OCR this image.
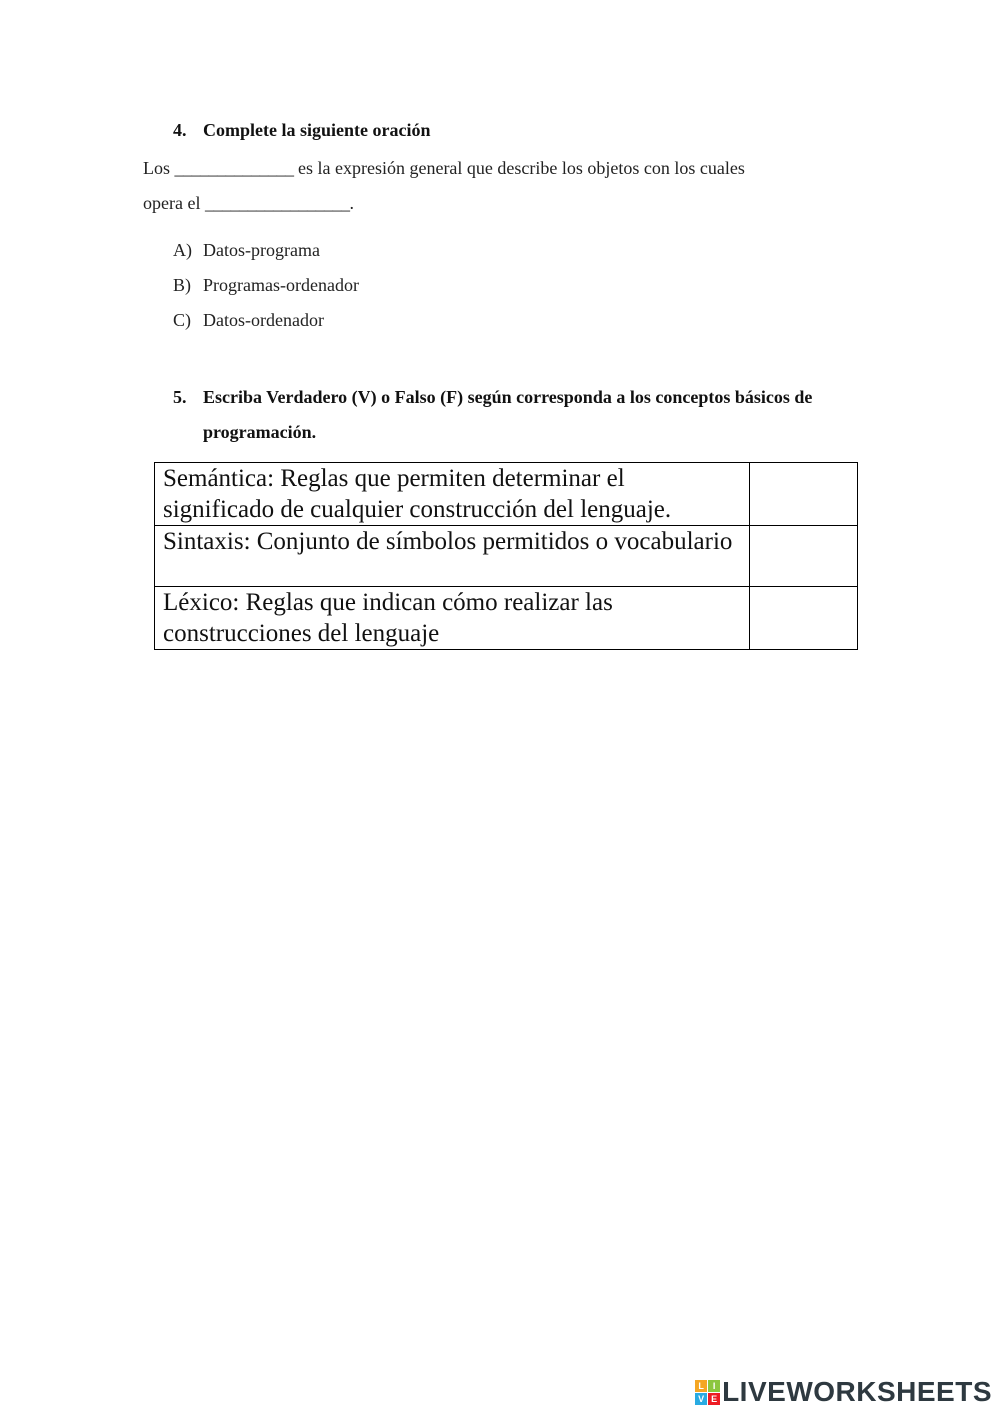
4. Complete la siguiente oración
Los ______________ es la expresión general que describe los objetos con los cuales
opera el _________________.
A) Datos-programa
B) Programas-ordenador
C) Datos-ordenador
5. Escriba Verdadero (V) o Falso (F) según corresponda a los conceptos básicos de programación.
Semántica: Reglas que permiten determinar el significado de cualquier construcción del lenguaje.	
Sintaxis: Conjunto de símbolos permitidos o vocabulario	
Léxico: Reglas que indican cómo realizar las construcciones del lenguaje	
L I
V E LIVEWORKSHEETS
